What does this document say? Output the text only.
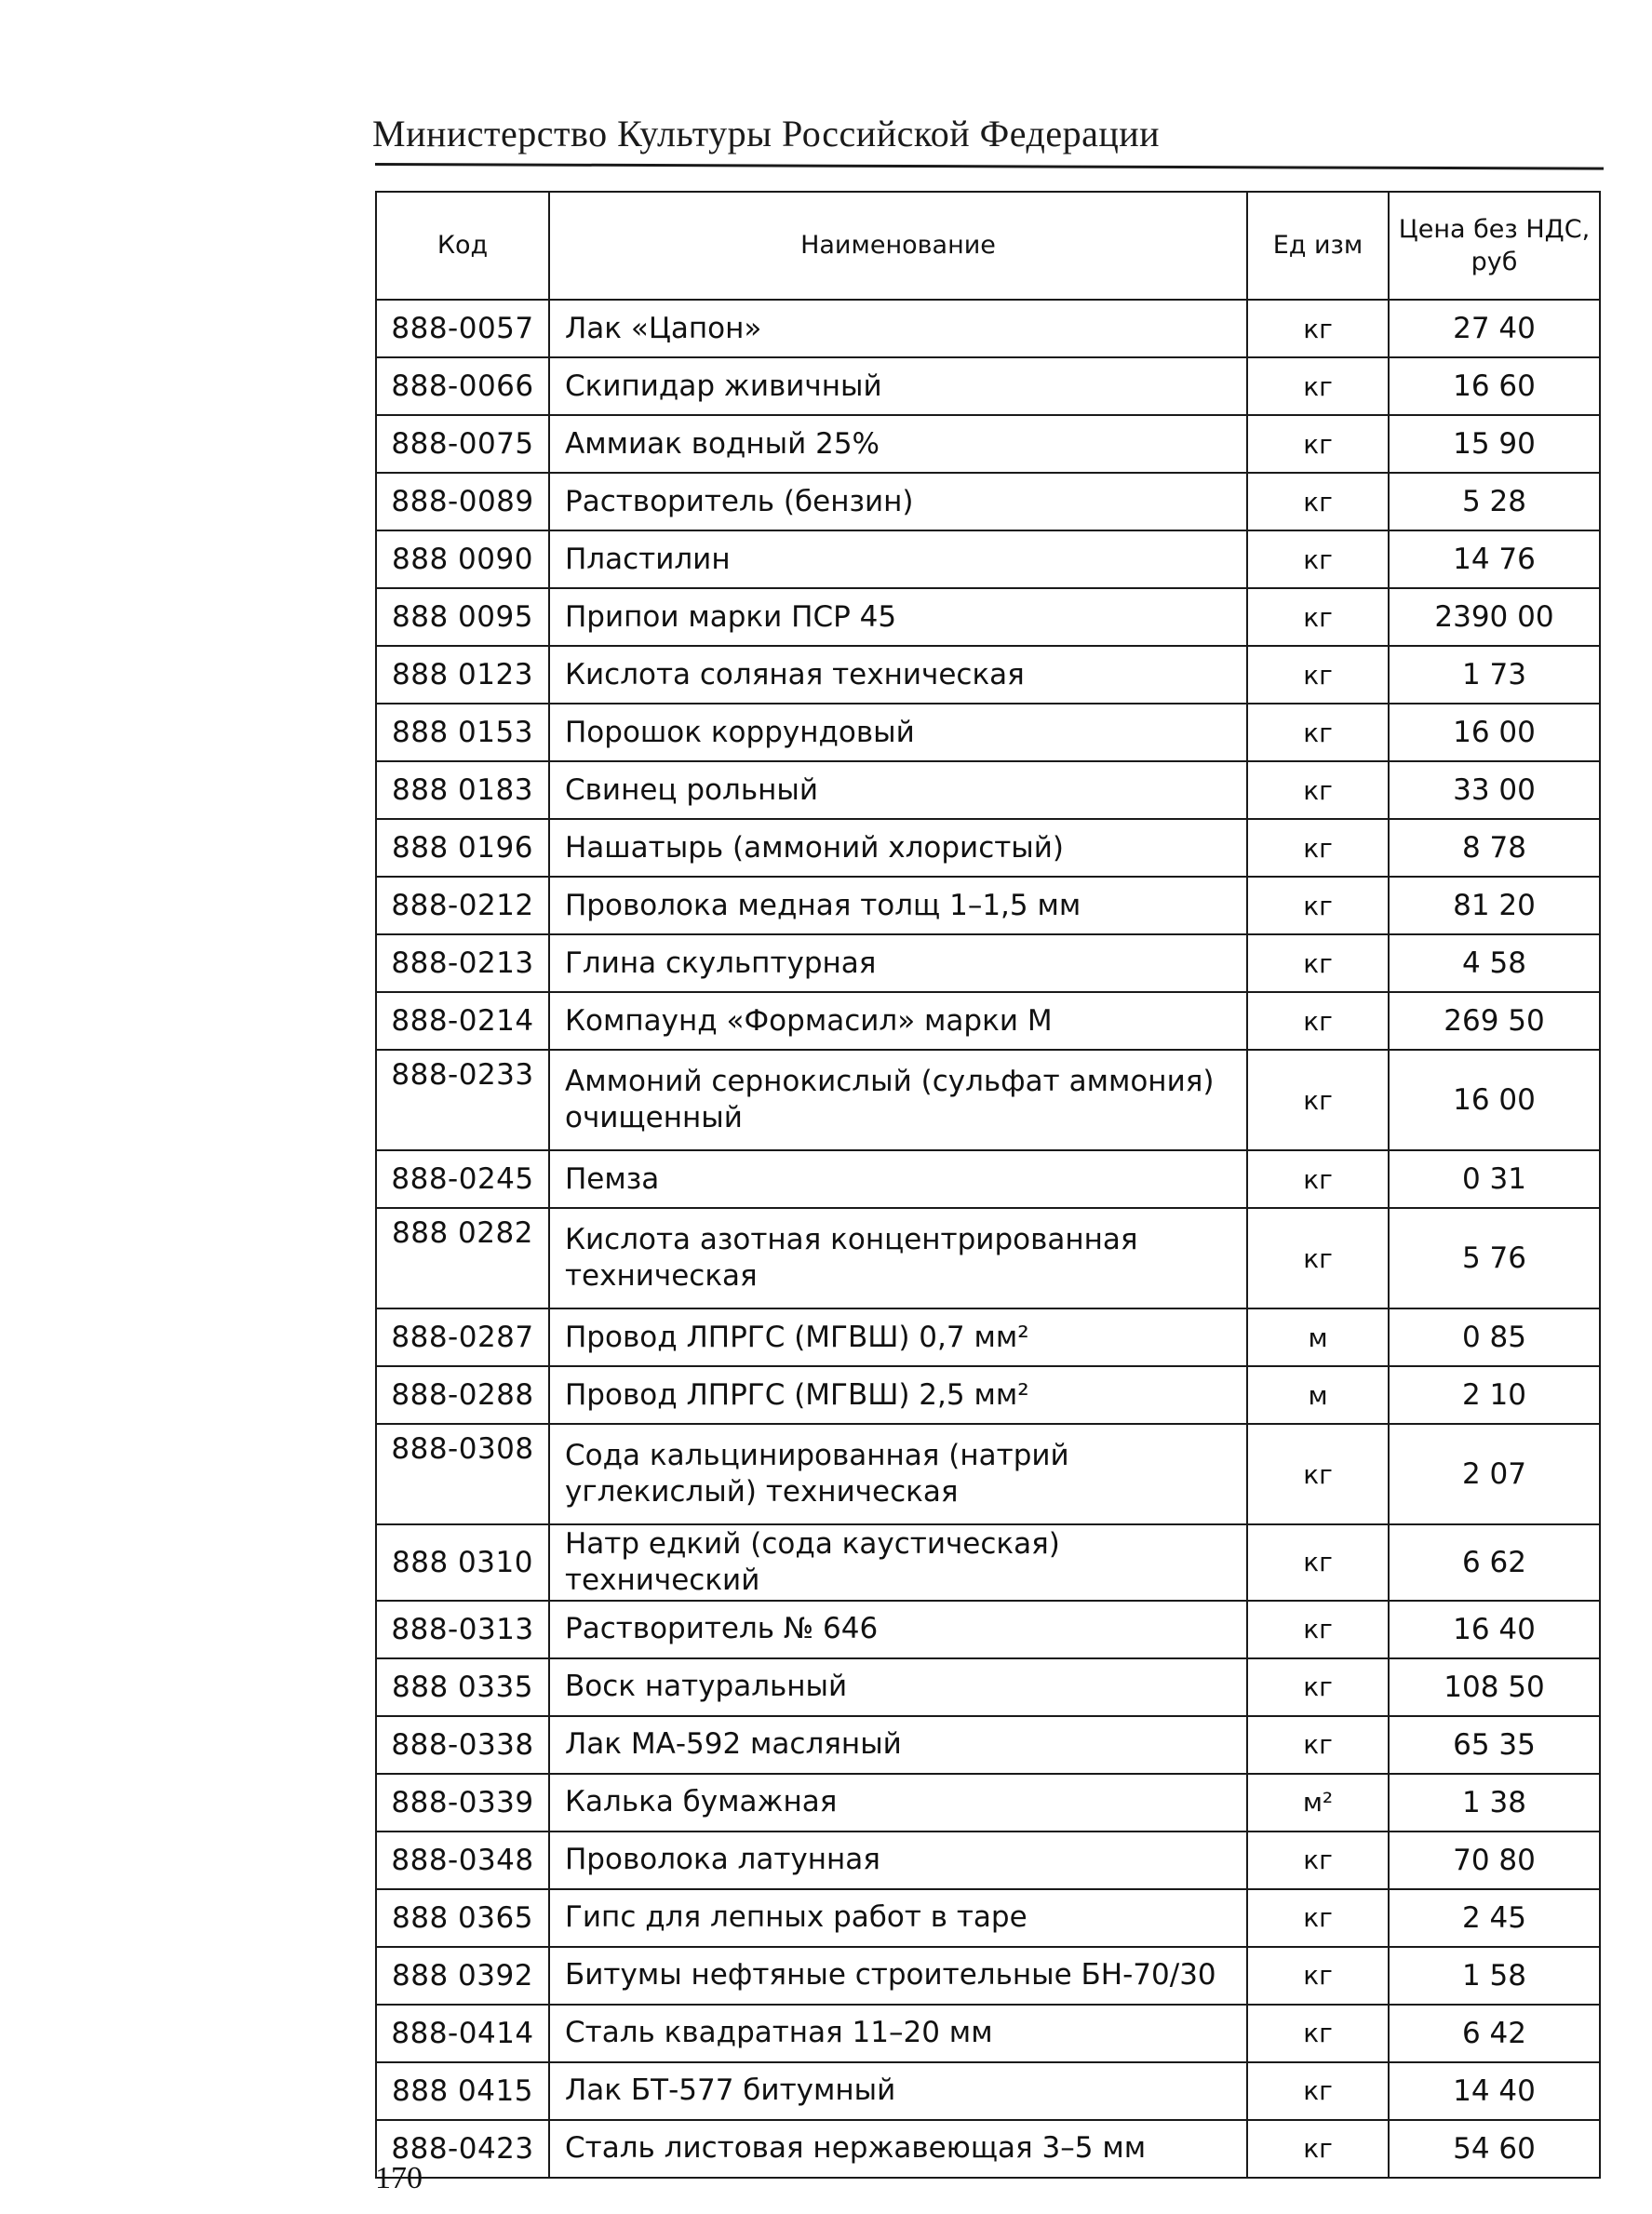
Министерство Культуры Российской Федерации
Код	Наименование	Ед изм	Цена без НДС, руб
888-0057	Лак «Цапон»	кг	27 40
888-0066	Скипидар живичный	кг	16 60
888-0075	Аммиак водный 25%	кг	15 90
888-0089	Растворитель (бензин)	кг	5 28
888 0090	Пластилин	кг	14 76
888 0095	Припои марки ПСР 45	кг	2390 00
888 0123	Кислота соляная техническая	кг	1 73
888 0153	Порошок коррундовый	кг	16 00
888 0183	Свинец рольный	кг	33 00
888 0196	Нашатырь (аммоний хлористый)	кг	8 78
888-0212	Проволока медная толщ 1–1,5 мм	кг	81 20
888-0213	Глина скульптурная	кг	4 58
888-0214	Компаунд «Формасил» марки М	кг	269 50
888-0233	Аммоний сернокислый (сульфат аммония) очищенный	кг	16 00
888-0245	Пемза	кг	0 31
888 0282	Кислота азотная концентрированная техническая	кг	5 76
888-0287	Провод ЛПРГС (МГВШ) 0,7 мм²	м	0 85
888-0288	Провод ЛПРГС (МГВШ) 2,5 мм²	м	2 10
888-0308	Сода кальцинированная (натрий углекислый) техническая	кг	2 07
888 0310	Натр едкий (сода каустическая) технический	кг	6 62
888-0313	Растворитель № 646	кг	16 40
888 0335	Воск натуральный	кг	108 50
888-0338	Лак МА-592 масляный	кг	65 35
888-0339	Калька бумажная	м²	1 38
888-0348	Проволока латунная	кг	70 80
888 0365	Гипс для лепных работ в таре	кг	2 45
888 0392	Битумы нефтяные строительные БН-70/30	кг	1 58
888-0414	Сталь квадратная 11–20 мм	кг	6 42
888 0415	Лак БТ-577 битумный	кг	14 40
888-0423	Сталь листовая нержавеющая 3–5 мм	кг	54 60
170
